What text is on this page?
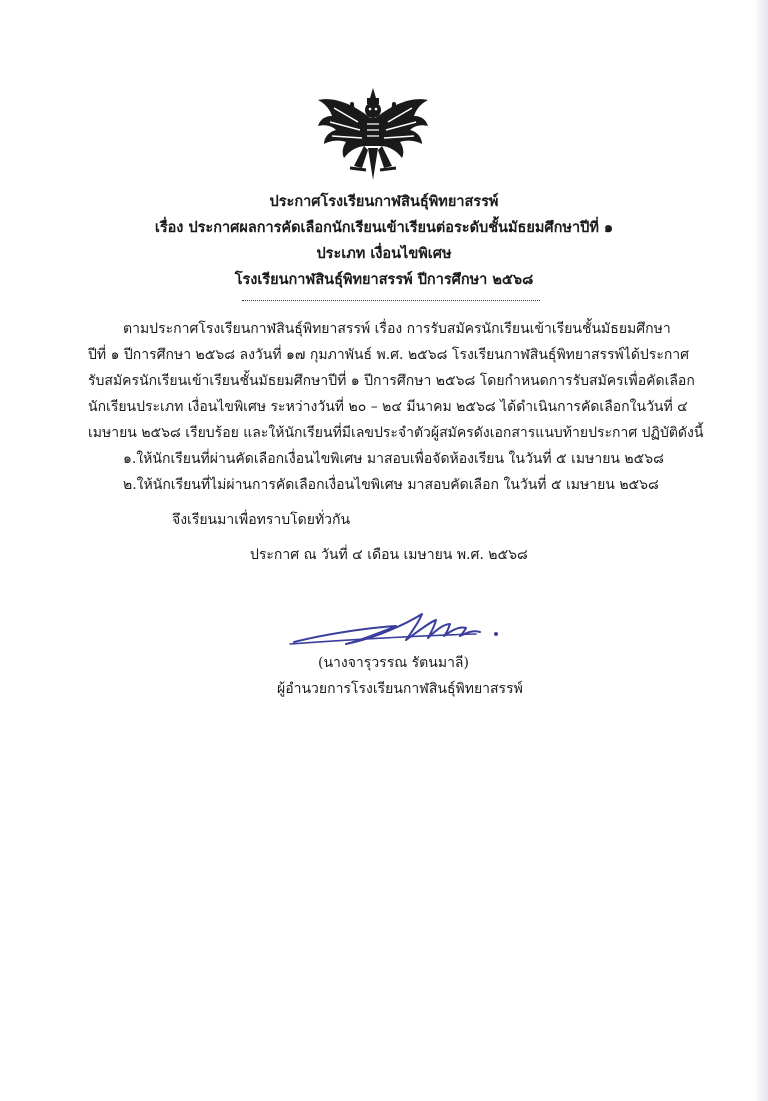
ประกาศโรงเรียนกาฬสินธุ์พิทยาสรรพ์
เรื่อง ประกาศผลการคัดเลือกนักเรียนเข้าเรียนต่อระดับชั้นมัธยมศึกษาปีที่ ๑
ประเภท เงื่อนไขพิเศษ
โรงเรียนกาฬสินธุ์พิทยาสรรพ์ ปีการศึกษา ๒๕๖๘
ตามประกาศโรงเรียนกาฬสินธุ์พิทยาสรรพ์ เรื่อง การรับสมัครนักเรียนเข้าเรียนชั้นมัธยมศึกษา
ปีที่ ๑ ปีการศึกษา ๒๕๖๘ ลงวันที่ ๑๗ กุมภาพันธ์ พ.ศ. ๒๕๖๘ โรงเรียนกาฬสินธุ์พิทยาสรรพ์ได้ประกาศ
รับสมัครนักเรียนเข้าเรียนชั้นมัธยมศึกษาปีที่ ๑ ปีการศึกษา ๒๕๖๘ โดยกำหนดการรับสมัครเพื่อคัดเลือก
นักเรียนประเภท เงื่อนไขพิเศษ ระหว่างวันที่ ๒๐ – ๒๔ มีนาคม ๒๕๖๘ ได้ดำเนินการคัดเลือกในวันที่ ๔
เมษายน ๒๕๖๘ เรียบร้อย และให้นักเรียนที่มีเลขประจำตัวผู้สมัครดังเอกสารแนบท้ายประกาศ ปฏิบัติดังนี้
๑.ให้นักเรียนที่ผ่านคัดเลือกเงื่อนไขพิเศษ มาสอบเพื่อจัดห้องเรียน ในวันที่ ๕ เมษายน ๒๕๖๘
๒.ให้นักเรียนที่ไม่ผ่านการคัดเลือกเงื่อนไขพิเศษ มาสอบคัดเลือก ในวันที่ ๕ เมษายน ๒๕๖๘
จึงเรียนมาเพื่อทราบโดยทั่วกัน
ประกาศ ณ วันที่ ๔ เดือน เมษายน พ.ศ. ๒๕๖๘
(นางจารุวรรณ รัตนมาลี)
ผู้อำนวยการโรงเรียนกาฬสินธุ์พิทยาสรรพ์
